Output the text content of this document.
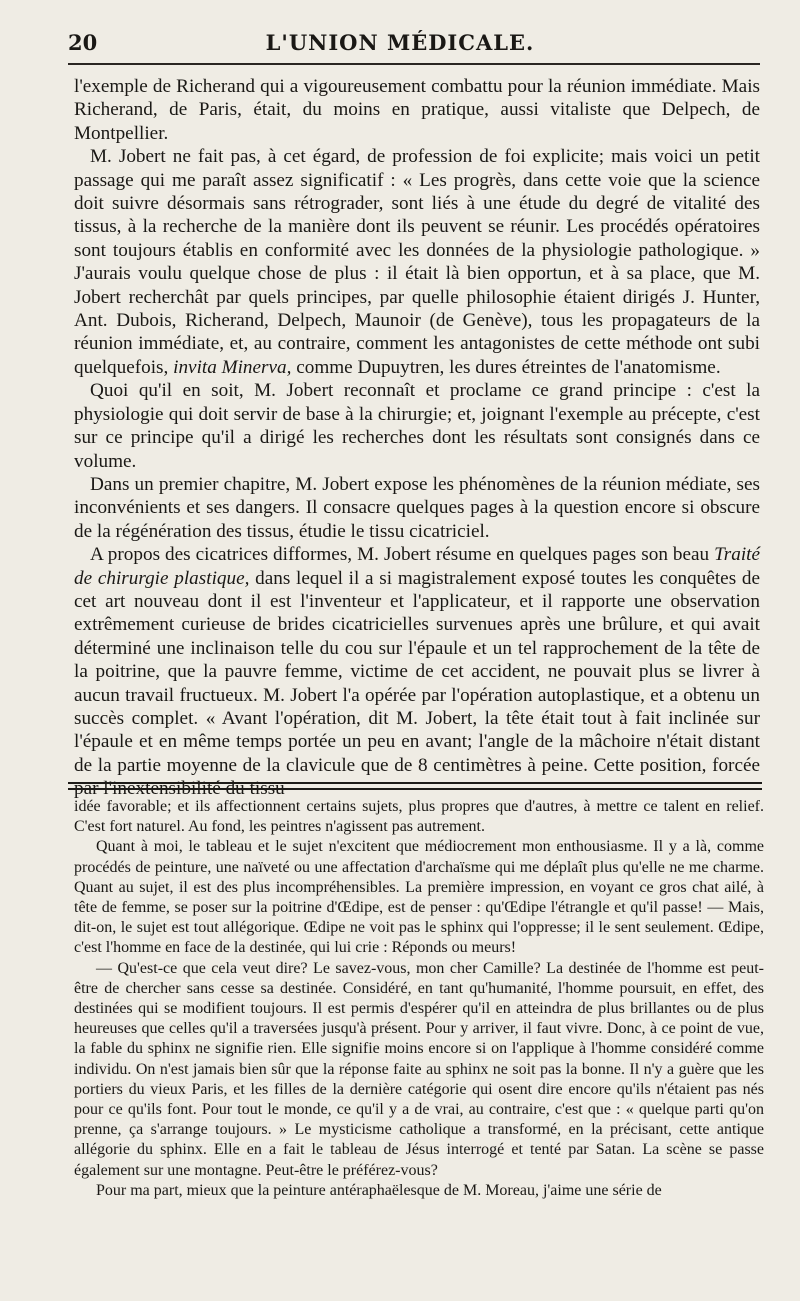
20	L'UNION MÉDICALE.

l'exemple de Richerand qui a vigoureusement combattu pour la réunion immédiate. Mais Richerand, de Paris, était, du moins en pratique, aussi vitaliste que Delpech, de Montpellier.

M. Jobert ne fait pas, à cet égard, de profession de foi explicite; mais voici un petit passage qui me paraît assez significatif : « Les progrès, dans cette voie que la science doit suivre désormais sans rétrograder, sont liés à une étude du degré de vitalité des tissus, à la recherche de la manière dont ils peuvent se réunir. Les procédés opératoires sont toujours établis en conformité avec les données de la physiologie pathologique. » J'aurais voulu quelque chose de plus : il était là bien opportun, et à sa place, que M. Jobert recherchât par quels principes, par quelle philosophie étaient dirigés J. Hunter, Ant. Dubois, Richerand, Delpech, Maunoir (de Genève), tous les propagateurs de la réunion immédiate, et, au contraire, comment les antagonistes de cette méthode ont subi quelquefois, invita Minerva, comme Dupuytren, les dures étreintes de l'anatomisme.

Quoi qu'il en soit, M. Jobert reconnaît et proclame ce grand principe : c'est la physiologie qui doit servir de base à la chirurgie; et, joignant l'exemple au précepte, c'est sur ce principe qu'il a dirigé les recherches dont les résultats sont consignés dans ce volume.

Dans un premier chapitre, M. Jobert expose les phénomènes de la réunion médiate, ses inconvénients et ses dangers. Il consacre quelques pages à la question encore si obscure de la régénération des tissus, étudie le tissu cicatriciel.

A propos des cicatrices difformes, M. Jobert résume en quelques pages son beau Traité de chirurgie plastique, dans lequel il a si magistralement exposé toutes les conquêtes de cet art nouveau dont il est l'inventeur et l'applicateur, et il rapporte une observation extrêmement curieuse de brides cicatricielles survenues après une brûlure, et qui avait déterminé une inclinaison telle du cou sur l'épaule et un tel rapprochement de la tête de la poitrine, que la pauvre femme, victime de cet accident, ne pouvait plus se livrer à aucun travail fructueux. M. Jobert l'a opérée par l'opération autoplastique, et a obtenu un succès complet. « Avant l'opération, dit M. Jobert, la tête était tout à fait inclinée sur l'épaule et en même temps portée un peu en avant; l'angle de la mâchoire n'était distant de la partie moyenne de la clavicule que de 8 centimètres à peine. Cette position, forcée par l'inextensibilité du tissu

idée favorable; et ils affectionnent certains sujets, plus propres que d'autres, à mettre ce talent en relief. C'est fort naturel. Au fond, les peintres n'agissent pas autrement.

Quant à moi, le tableau et le sujet n'excitent que médiocrement mon enthousiasme. Il y a là, comme procédés de peinture, une naïveté ou une affectation d'archaïsme qui me déplaît plus qu'elle ne me charme. Quant au sujet, il est des plus incompréhensibles. La première impression, en voyant ce gros chat ailé, à tête de femme, se poser sur la poitrine d'Œdipe, est de penser : qu'Œdipe l'étrangle et qu'il passe! — Mais, dit-on, le sujet est tout allégorique. Œdipe ne voit pas le sphinx qui l'oppresse; il le sent seulement. Œdipe, c'est l'homme en face de la destinée, qui lui crie : Réponds ou meurs!

— Qu'est-ce que cela veut dire? Le savez-vous, mon cher Camille? La destinée de l'homme est peut-être de chercher sans cesse sa destinée. Considéré, en tant qu'humanité, l'homme poursuit, en effet, des destinées qui se modifient toujours. Il est permis d'espérer qu'il en atteindra de plus brillantes ou de plus heureuses que celles qu'il a traversées jusqu'à présent. Pour y arriver, il faut vivre. Donc, à ce point de vue, la fable du sphinx ne signifie rien. Elle signifie moins encore si on l'applique à l'homme considéré comme individu. On n'est jamais bien sûr que la réponse faite au sphinx ne soit pas la bonne. Il n'y a guère que les portiers du vieux Paris, et les filles de la dernière catégorie qui osent dire encore qu'ils n'étaient pas nés pour ce qu'ils font. Pour tout le monde, ce qu'il y a de vrai, au contraire, c'est que : « quelque parti qu'on prenne, ça s'arrange toujours. » Le mysticisme catholique a transformé, en la précisant, cette antique allégorie du sphinx. Elle en a fait le tableau de Jésus interrogé et tenté par Satan. La scène se passe également sur une montagne. Peut-être le préférez-vous?

Pour ma part, mieux que la peinture antéraphaëlesque de M. Moreau, j'aime une série de
